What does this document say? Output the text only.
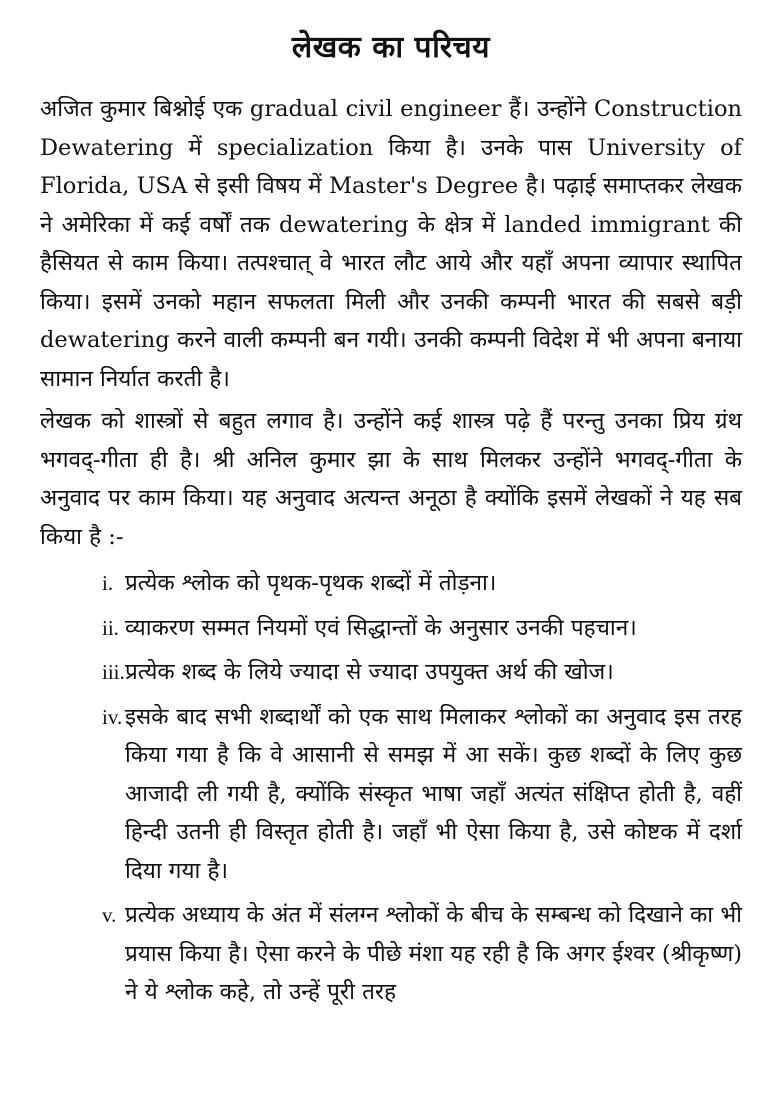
लेखक का परिचय

अजित कुमार बिश्नोई एक gradual civil engineer हैं। उन्होंने Construction Dewatering में specialization किया है। उनके पास University of Florida, USA से इसी विषय में Master's Degree है। पढ़ाई समाप्तकर लेखक ने अमेरिका में कई वर्षों तक dewatering के क्षेत्र में landed immigrant की हैसियत से काम किया। तत्पश्चात् वे भारत लौट आये और यहाँ अपना व्यापार स्थापित किया। इसमें उनको महान सफलता मिली और उनकी कम्पनी भारत की सबसे बड़ी dewatering करने वाली कम्पनी बन गयी। उनकी कम्पनी विदेश में भी अपना बनाया सामान निर्यात करती है।

लेखक को शास्त्रों से बहुत लगाव है। उन्होंने कई शास्त्र पढ़े हैं परन्तु उनका प्रिय ग्रंथ भगवद्-गीता ही है। श्री अनिल कुमार झा के साथ मिलकर उन्होंने भगवद्-गीता के अनुवाद पर काम किया। यह अनुवाद अत्यन्त अनूठा है क्योंकि इसमें लेखकों ने यह सब किया है :-

i. प्रत्येक श्लोक को पृथक-पृथक शब्दों में तोड़ना।
ii. व्याकरण सम्मत नियमों एवं सिद्धान्तों के अनुसार उनकी पहचान।
iii. प्रत्येक शब्द के लिये ज्यादा से ज्यादा उपयुक्त अर्थ की खोज।
iv. इसके बाद सभी शब्दार्थों को एक साथ मिलाकर श्लोकों का अनुवाद इस तरह किया गया है कि वे आसानी से समझ में आ सकें। कुछ शब्दों के लिए कुछ आजादी ली गयी है, क्योंकि संस्कृत भाषा जहाँ अत्यंत संक्षिप्त होती है, वहीं हिन्दी उतनी ही विस्तृत होती है। जहाँ भी ऐसा किया है, उसे कोष्टक में दर्शा दिया गया है।
v. प्रत्येक अध्याय के अंत में संलग्न श्लोकों के बीच के सम्बन्ध को दिखाने का भी प्रयास किया है। ऐसा करने के पीछे मंशा यह रही है कि अगर ईश्वर (श्रीकृष्ण) ने ये श्लोक कहे, तो उन्हें पूरी तरह
